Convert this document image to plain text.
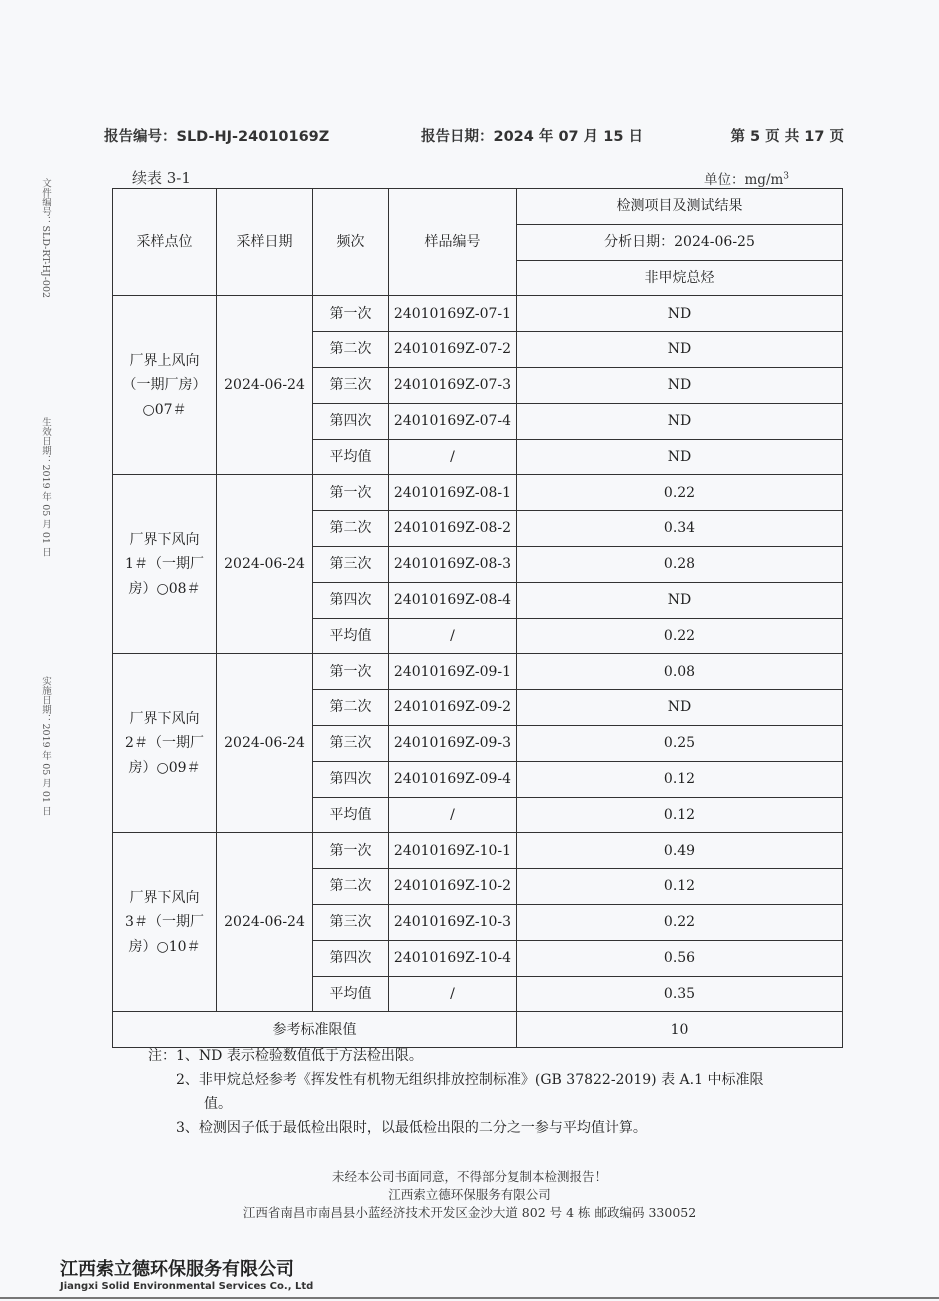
报告编号：SLD-HJ-24010169Z	报告日期：2024 年 07 月 15 日	第 5 页 共 17 页
文件编号：SLD-RT-HJ-002
生效日期：2019 年 05 月 01 日
实施日期：2019 年 05 月 01 日
续表 3-1	单位：$mg/m^3$
采样点位	采样日期	频次	样品编号	检测项目及测试结果
				分析日期：2024-06-25
				非甲烷总烃

厂界上风向
（一期厂房）
○07＃	2024-06-24	第一次	24010169Z-07-1	ND
		第二次	24010169Z-07-2	ND
		第三次	24010169Z-07-3	ND
		第四次	24010169Z-07-4	ND
		平均值	/	ND

厂界下风向
1＃（一期厂
房）○08＃	2024-06-24	第一次	24010169Z-08-1	0.22
		第二次	24010169Z-08-2	0.34
		第三次	24010169Z-08-3	0.28
		第四次	24010169Z-08-4	ND
		平均值	/	0.22

厂界下风向
2＃（一期厂
房）○09＃	2024-06-24	第一次	24010169Z-09-1	0.08
		第二次	24010169Z-09-2	ND
		第三次	24010169Z-09-3	0.25
		第四次	24010169Z-09-4	0.12
		平均值	/	0.12

厂界下风向
3＃（一期厂
房）○10＃	2024-06-24	第一次	24010169Z-10-1	0.49
		第二次	24010169Z-10-2	0.12
		第三次	24010169Z-10-3	0.22
		第四次	24010169Z-10-4	0.56
		平均值	/	0.35
参考标准限值				10
注：1、ND 表示检验数值低于方法检出限。
2、非甲烷总烃参考《挥发性有机物无组织排放控制标准》(GB 37822-2019) 表 A.1 中标准限
值。
3、检测因子低于最低检出限时，以最低检出限的二分之一参与平均值计算。
未经本公司书面同意，不得部分复制本检测报告！
江西索立德环保服务有限公司
江西省南昌市南昌县小蓝经济技术开发区金沙大道 802 号 4 栋 邮政编码 330052
江西索立德环保服务有限公司
Jiangxi Solid Environmental Services Co., Ltd
